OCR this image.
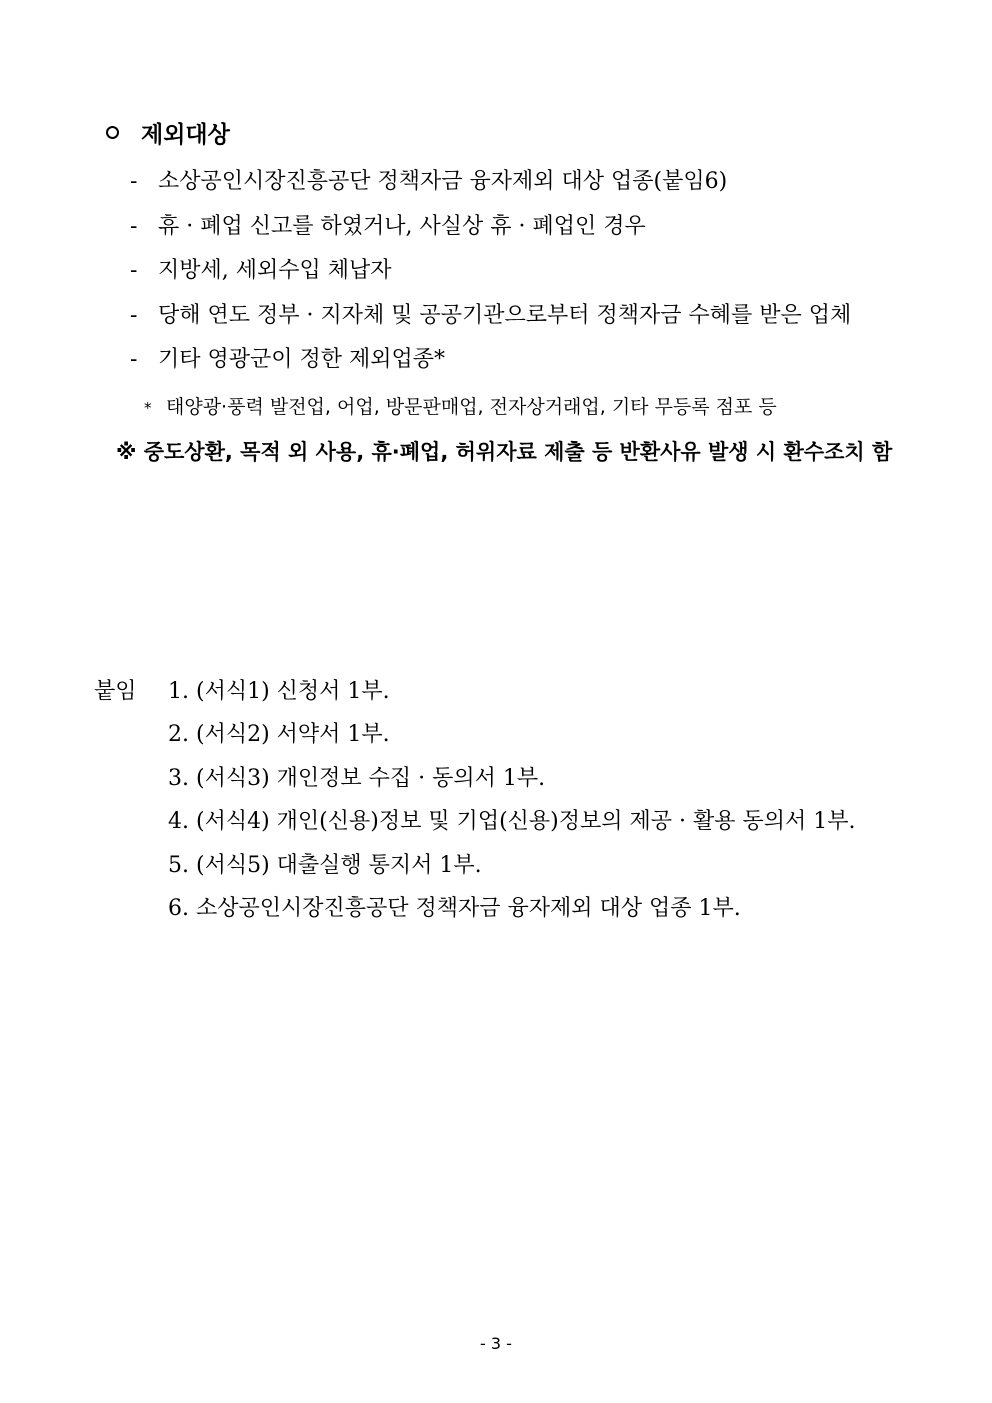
제외대상
- 소상공인시장진흥공단 정책자금 융자제외 대상 업종(붙임6)
- 휴 · 폐업 신고를 하였거나, 사실상 휴 · 폐업인 경우
- 지방세, 세외수입 체납자
- 당해 연도 정부 · 지자체 및 공공기관으로부터 정책자금 수혜를 받은 업체
- 기타 영광군이 정한 제외업종*
* 태양광·풍력 발전업, 어업, 방문판매업, 전자상거래업, 기타 무등록 점포 등
※ 중도상환, 목적 외 사용, 휴·폐업, 허위자료 제출 등 반환사유 발생 시 환수조치 함
붙임 1. (서식1) 신청서 1부.
2. (서식2) 서약서 1부.
3. (서식3) 개인정보 수집 · 동의서 1부.
4. (서식4) 개인(신용)정보 및 기업(신용)정보의 제공 · 활용 동의서 1부.
5. (서식5) 대출실행 통지서 1부.
6. 소상공인시장진흥공단 정책자금 융자제외 대상 업종 1부.
- 3 -
